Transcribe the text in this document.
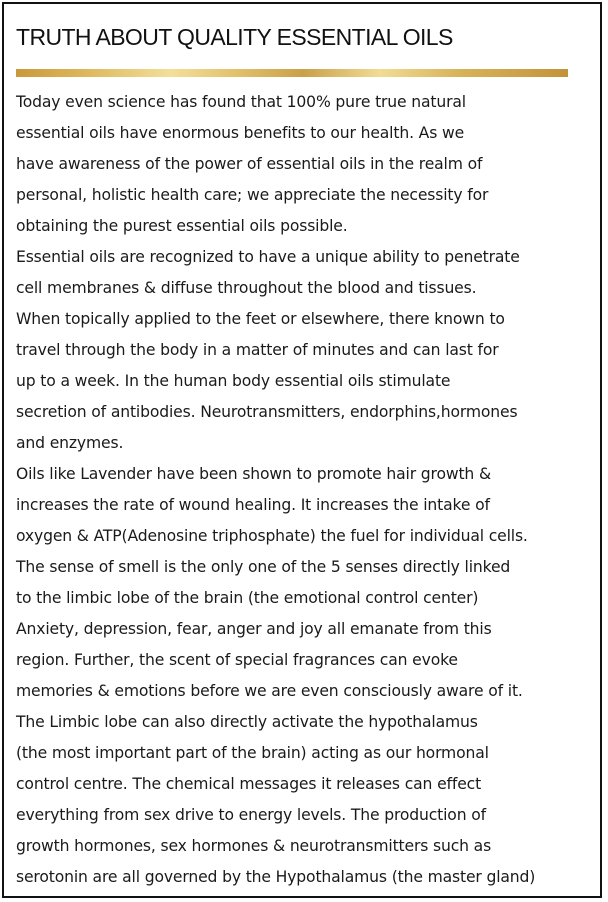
TRUTH ABOUT QUALITY ESSENTIAL OILS
Today even science has found that 100% pure true natural
essential oils have enormous benefits to our health. As we
have awareness of the power of essential oils in the realm of
personal, holistic health care; we appreciate the necessity for
obtaining the purest essential oils possible.
Essential oils are recognized to have a unique ability to penetrate
cell membranes & diffuse throughout the blood and tissues.
When topically applied to the feet or elsewhere, there known to
travel through the body in a matter of minutes and can last for
up to a week. In the human body essential oils stimulate
secretion of antibodies. Neurotransmitters, endorphins,hormones
and enzymes.
Oils like Lavender have been shown to promote hair growth &
increases the rate of wound healing. It increases the intake of
oxygen & ATP(Adenosine triphosphate) the fuel for individual cells.
The sense of smell is the only one of the 5 senses directly linked
to the limbic lobe of the brain (the emotional control center)
Anxiety, depression, fear, anger and joy all emanate from this
region. Further, the scent of special fragrances can evoke
memories & emotions before we are even consciously aware of it.
The Limbic lobe can also directly activate the hypothalamus
(the most important part of the brain) acting as our hormonal
control centre. The chemical messages it releases can effect
everything from sex drive to energy levels. The production of
growth hormones, sex hormones & neurotransmitters such as
serotonin are all governed by the Hypothalamus (the master gland)
